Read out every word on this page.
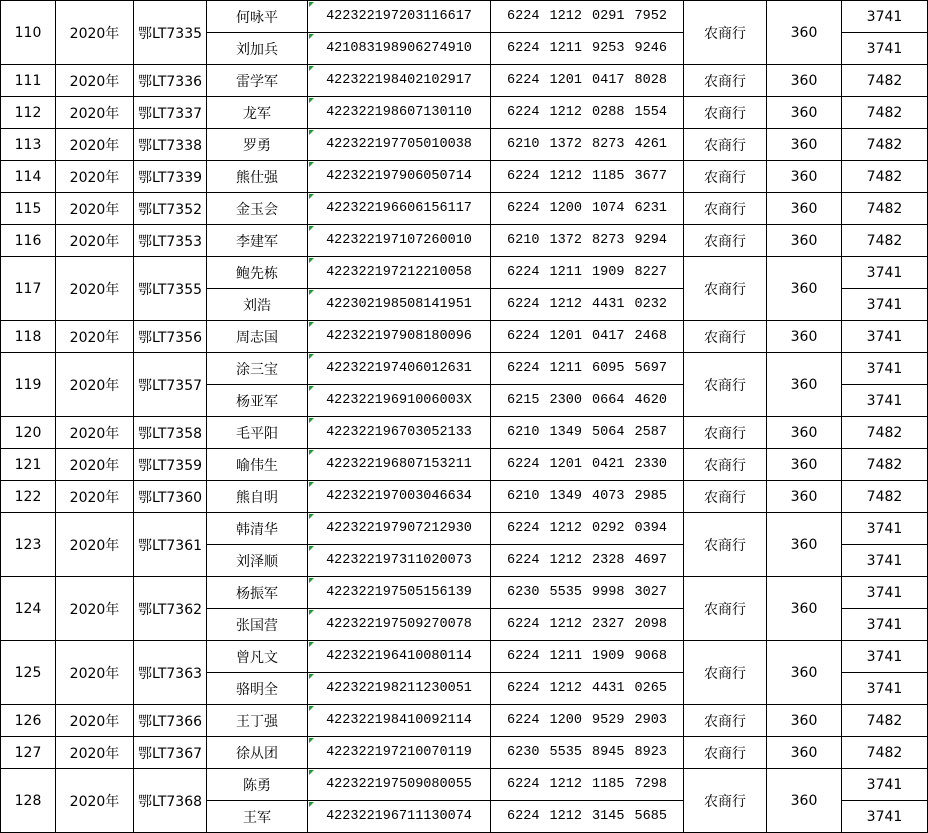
110	2020年	鄂LT7335	何咏平	422322197203116617	6224 1212 0291 7952	农商行	360	3741
			刘加兵	421083198906274910	6224 1211 9253 9246			3741
111	2020年	鄂LT7336	雷学军	422322198402102917	6224 1201 0417 8028	农商行	360	7482
112	2020年	鄂LT7337	龙军	422322198607130110	6224 1212 0288 1554	农商行	360	7482
113	2020年	鄂LT7338	罗勇	422322197705010038	6210 1372 8273 4261	农商行	360	7482
114	2020年	鄂LT7339	熊仕强	422322197906050714	6224 1212 1185 3677	农商行	360	7482
115	2020年	鄂LT7352	金玉会	422322196606156117	6224 1200 1074 6231	农商行	360	7482
116	2020年	鄂LT7353	李建军	422322197107260010	6210 1372 8273 9294	农商行	360	7482
117	2020年	鄂LT7355	鲍先栋	422322197212210058	6224 1211 1909 8227	农商行	360	3741
			刘浩	422302198508141951	6224 1212 4431 0232			3741
118	2020年	鄂LT7356	周志国	422322197908180096	6224 1201 0417 2468	农商行	360	3741
119	2020年	鄂LT7357	涂三宝	422322197406012631	6224 1211 6095 5697	农商行	360	3741
			杨亚军	42232219691006003X	6215 2300 0664 4620			3741
120	2020年	鄂LT7358	毛平阳	422322196703052133	6210 1349 5064 2587	农商行	360	7482
121	2020年	鄂LT7359	喻伟生	422322196807153211	6224 1201 0421 2330	农商行	360	7482
122	2020年	鄂LT7360	熊自明	422322197003046634	6210 1349 4073 2985	农商行	360	7482
123	2020年	鄂LT7361	韩清华	422322197907212930	6224 1212 0292 0394	农商行	360	3741
			刘泽顺	422322197311020073	6224 1212 2328 4697			3741
124	2020年	鄂LT7362	杨振军	422322197505156139	6230 5535 9998 3027	农商行	360	3741
			张国营	422322197509270078	6224 1212 2327 2098			3741
125	2020年	鄂LT7363	曾凡文	422322196410080114	6224 1211 1909 9068	农商行	360	3741
			骆明全	422322198211230051	6224 1212 4431 0265			3741
126	2020年	鄂LT7366	王丁强	422322198410092114	6224 1200 9529 2903	农商行	360	7482
127	2020年	鄂LT7367	徐从团	422322197210070119	6230 5535 8945 8923	农商行	360	7482
128	2020年	鄂LT7368	陈勇	422322197509080055	6224 1212 1185 7298	农商行	360	3741
			王军	422322196711130074	6224 1212 3145 5685			3741
